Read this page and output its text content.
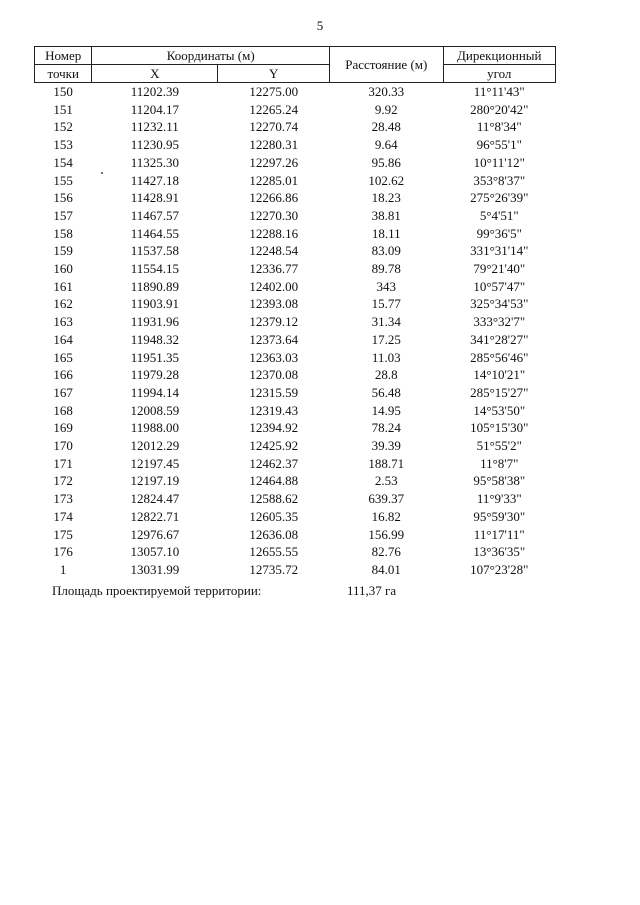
5
Номер	Координаты (м)		Расстояние (м)	Дирекционный
точки	X	Y		угол
150	11202.39	12275.00	320.33	11°11'43"
151	11204.17	12265.24	9.92	280°20'42"
152	11232.11	12270.74	28.48	11°8'34"
153	11230.95	12280.31	9.64	96°55'1"
154	11325.30	12297.26	95.86	10°11'12"
155	11427.18	12285.01	102.62	353°8'37"
156	11428.91	12266.86	18.23	275°26'39"
157	11467.57	12270.30	38.81	5°4'51"
158	11464.55	12288.16	18.11	99°36'5"
159	11537.58	12248.54	83.09	331°31'14"
160	11554.15	12336.77	89.78	79°21'40"
161	11890.89	12402.00	343	10°57'47"
162	11903.91	12393.08	15.77	325°34'53"
163	11931.96	12379.12	31.34	333°32'7"
164	11948.32	12373.64	17.25	341°28'27"
165	11951.35	12363.03	11.03	285°56'46"
166	11979.28	12370.08	28.8	14°10'21"
167	11994.14	12315.59	56.48	285°15'27"
168	12008.59	12319.43	14.95	14°53'50"
169	11988.00	12394.92	78.24	105°15'30"
170	12012.29	12425.92	39.39	51°55'2"
171	12197.45	12462.37	188.71	11°8'7"
172	12197.19	12464.88	2.53	95°58'38"
173	12824.47	12588.62	639.37	11°9'33"
174	12822.71	12605.35	16.82	95°59'30"
175	12976.67	12636.08	156.99	11°17'11"
176	13057.10	12655.55	82.76	13°36'35"
1	13031.99	12735.72	84.01	107°23'28"
Площадь проектируемой территории:	111,37 га
